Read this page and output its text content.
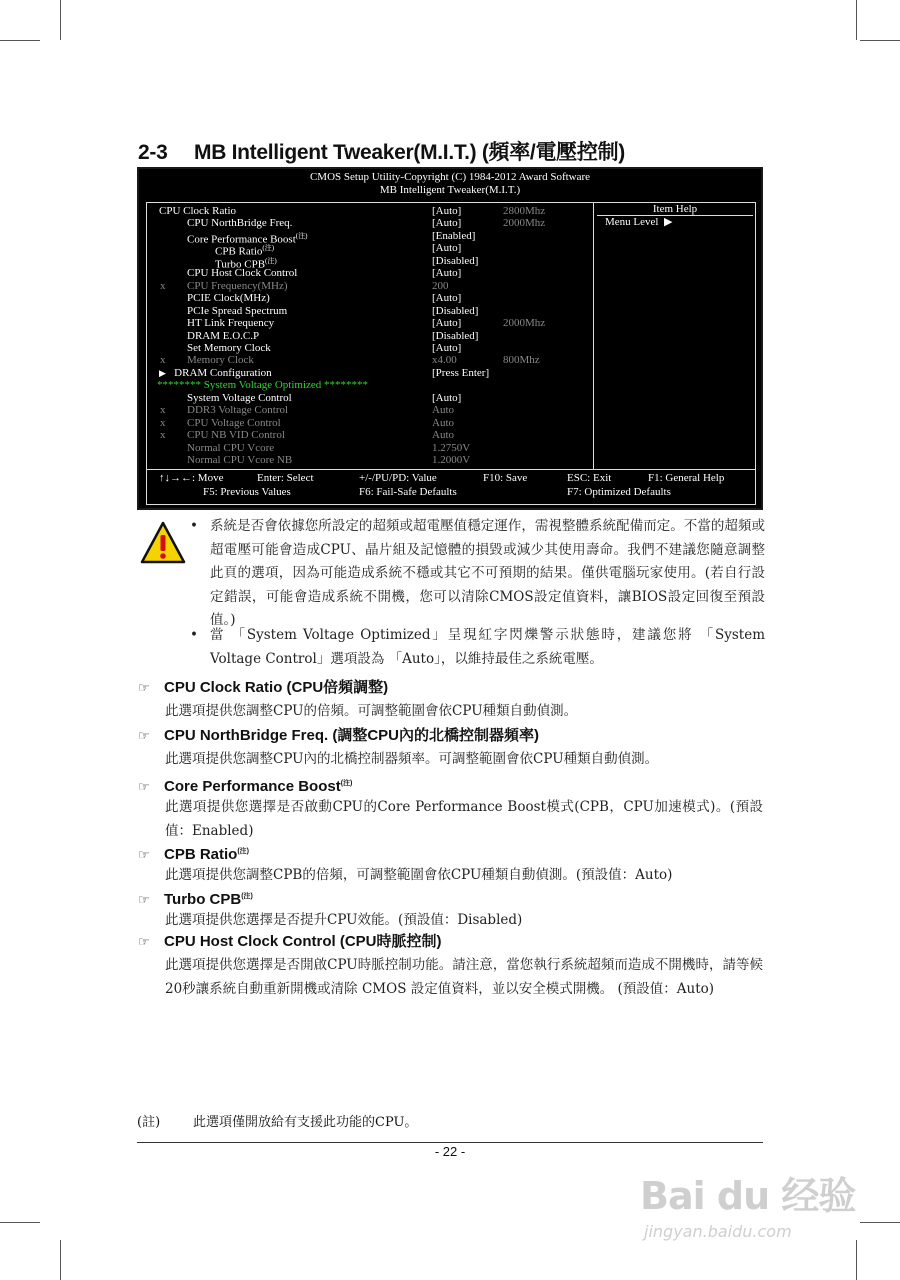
2-3 MB Intelligent Tweaker(M.I.T.) (頻率/電壓控制)
CMOS Setup Utility-Copyright (C) 1984-2012 Award Software
MB Intelligent Tweaker(M.I.T.)
Item Help
Menu Level  ▶
↑↓→←: Move	Enter: Select	+/-/PU/PD: Value	F10: Save	ESC: Exit	F1: General Help
F5: Previous Values	F6: Fail-Safe Defaults	F7: Optimized Defaults
CPU Clock Ratio	[Auto]	2800Mhz
CPU NorthBridge Freq.	[Auto]	2000Mhz
Core Performance Boost$^{(注)}$	[Enabled]
CPB Ratio$^{(注)}$	[Auto]
Turbo $CPB^{(注)}$	[Disabled]
CPU Host Clock Control	[Auto]
x CPU Frequency(MHz)	200
PCIE Clock(MHz)	[Auto]
PCIe Spread Spectrum	[Disabled]
HT Link Frequency	[Auto]	2000Mhz
DRAM E.O.C.P	[Disabled]
Set Memory Clock	[Auto]
x Memory Clock	x4.00	800Mhz
▶ DRAM Configuration	[Press Enter]
******** System Voltage Optimized ********
System Voltage Control	[Auto]
x DDR3 Voltage Control	Auto
x CPU Voltage Control	Auto
x CPU NB VID Control	Auto
Normal CPU Vcore	1.2750V
Normal CPU Vcore NB	1.2000V
• 系統是否會依據您所設定的超頻或超電壓值穩定運作，需視整體系統配備而定。不當的超頻或超電壓可能會造成CPU、晶片組及記憶體的損毀或減少其使用壽命。我們不建議您隨意調整此頁的選項，因為可能造成系統不穩或其它不可預期的結果。僅供電腦玩家使用。(若自行設定錯誤，可能會造成系統不開機，您可以清除CMOS設定值資料，讓BIOS設定回復至預設值。)
• 當 「System Voltage Optimized」呈現紅字閃爍警示狀態時，建議您將 「System Voltage Control」選項設為 「Auto」，以維持最佳之系統電壓。
☞ CPU Clock Ratio (CPU倍頻調整)
此選項提供您調整CPU的倍頻。可調整範圍會依CPU種類自動偵測。
☞ CPU NorthBridge Freq. (調整CPU內的北橋控制器頻率)
此選項提供您調整CPU內的北橋控制器頻率。可調整範圍會依CPU種類自動偵測。
☞ Core Performance Boost$^{(注)}$
此選項提供您選擇是否啟動CPU的Core Performance Boost模式(CPB，CPU加速模式)。(預設值：Enabled)
☞ CPB Ratio$^{(注)}$
此選項提供您調整CPB的倍頻，可調整範圍會依CPU種類自動偵測。(預設值：Auto)
☞ Turbo $CPB^{(注)}$
此選項提供您選擇是否提升CPU效能。(預設值：Disabled)
☞ CPU Host Clock Control (CPU時脈控制)
此選項提供您選擇是否開啟CPU時脈控制功能。請注意，當您執行系統超頻而造成不開機時，請等候20秒讓系統自動重新開機或清除 CMOS 設定值資料，並以安全模式開機。 (預設值：Auto)
(註)	此選項僅開放給有支援此功能的CPU。
- 22 -
Bai du 经验
jingyan.baidu.com
